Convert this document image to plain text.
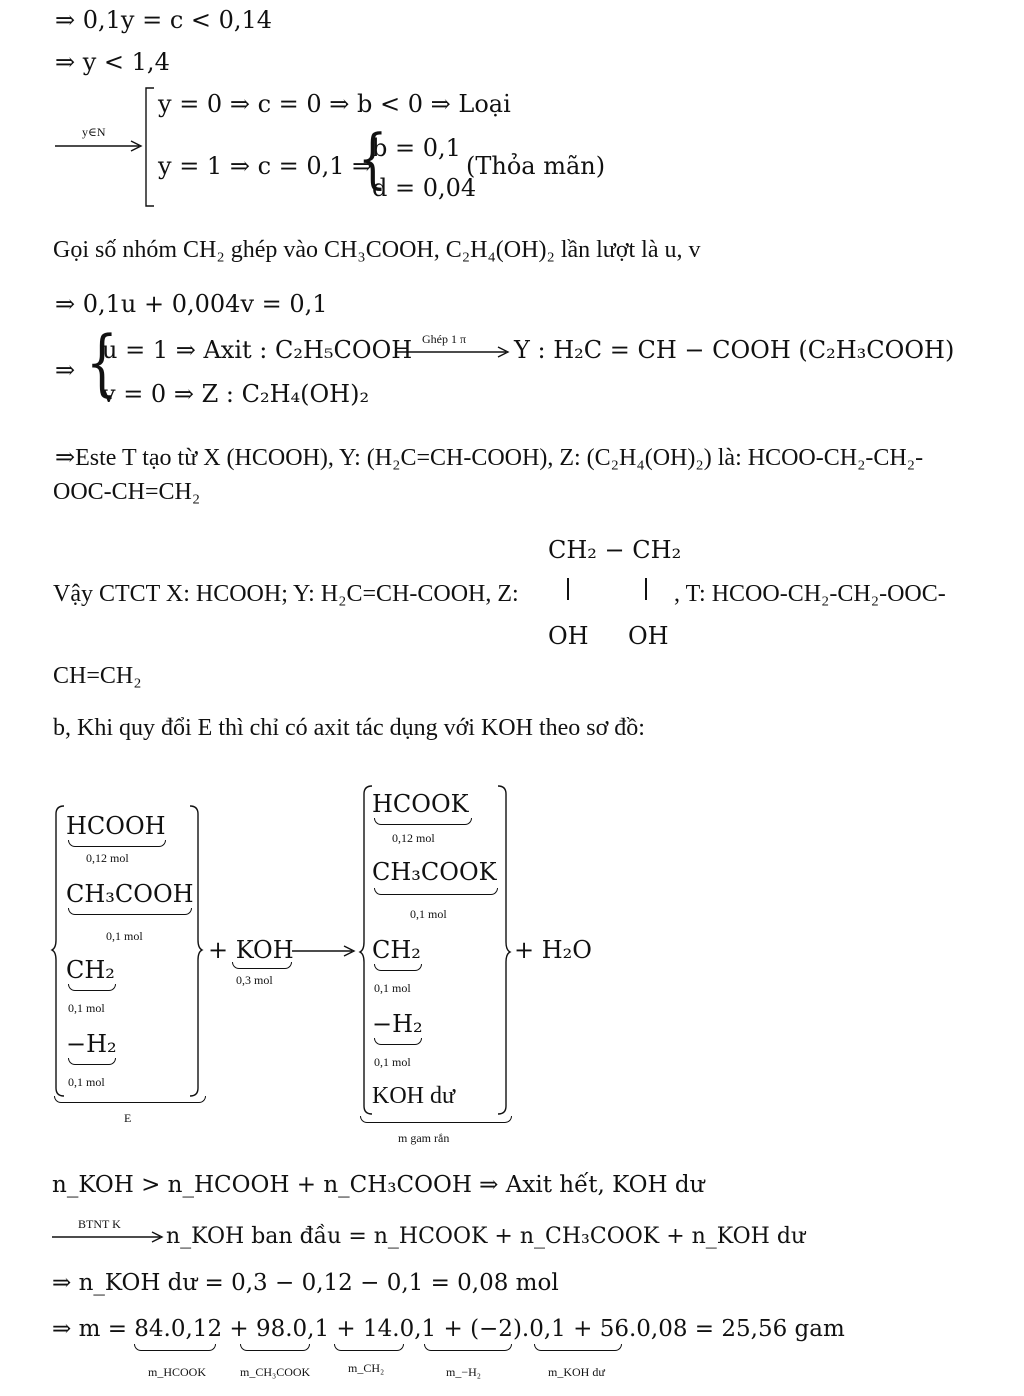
⇒ 0,1y = c < 0,14
⇒ y < 1,4
y∈N
y = 0 ⇒ c = 0 ⇒ b < 0 ⇒ Loại
y = 1 ⇒ c = 0,1 ⇒
{
b = 0,1
d = 0,04
(Thỏa mãn)
Gọi số nhóm CH₂ ghép vào CH₃COOH, C₂H₄(OH)₂ lần lượt là u, v
⇒ 0,1u + 0,004v = 0,1
⇒ {
u = 1 ⇒ Axit : C₂H₅COOH Ghép 1 π Y : H₂C = CH − COOH (C₂H₃COOH)
v = 0 ⇒ Z : C₂H₄(OH)₂
⇒Este T tạo từ X (HCOOH), Y: (H₂C=CH-COOH), Z: (C₂H₄(OH)₂) là: HCOO-CH₂-CH₂-
OOC-CH=CH₂
CH₂ − CH₂
Vậy CTCT X: HCOOH; Y: H₂C=CH-COOH, Z:	, T: HCOO-CH₂-CH₂-OOC-
OH OH
CH=CH₂
b, Khi quy đổi E thì chỉ có axit tác dụng với KOH theo sơ đồ:
HCOOH
0,12 mol
CH₃COOH
0,1 mol
CH₂
0,1 mol
−H₂
0,1 mol
E
+ KOH
0,3 mol
HCOOK
0,12 mol
CH₃COOK
0,1 mol
CH₂
0,1 mol
−H₂
0,1 mol
KOH dư
m gam rắn
+ H₂O
n_KOH > n_HCOOH + n_CH₃COOH ⇒ Axit hết, KOH dư
BTNT K n_KOH ban đầu = n_HCOOK + n_CH₃COOK + n_KOH dư
⇒ n_KOH dư = 0,3 − 0,12 − 0,1 = 0,08 mol
⇒ m = 84.0,12 + 98.0,1 + 14.0,1 + (−2).0,1 + 56.0,08 = 25,56 gam
m_HCOOK	m_CH₃COOK	m_CH₂	m_−H₂	m_KOH dư
